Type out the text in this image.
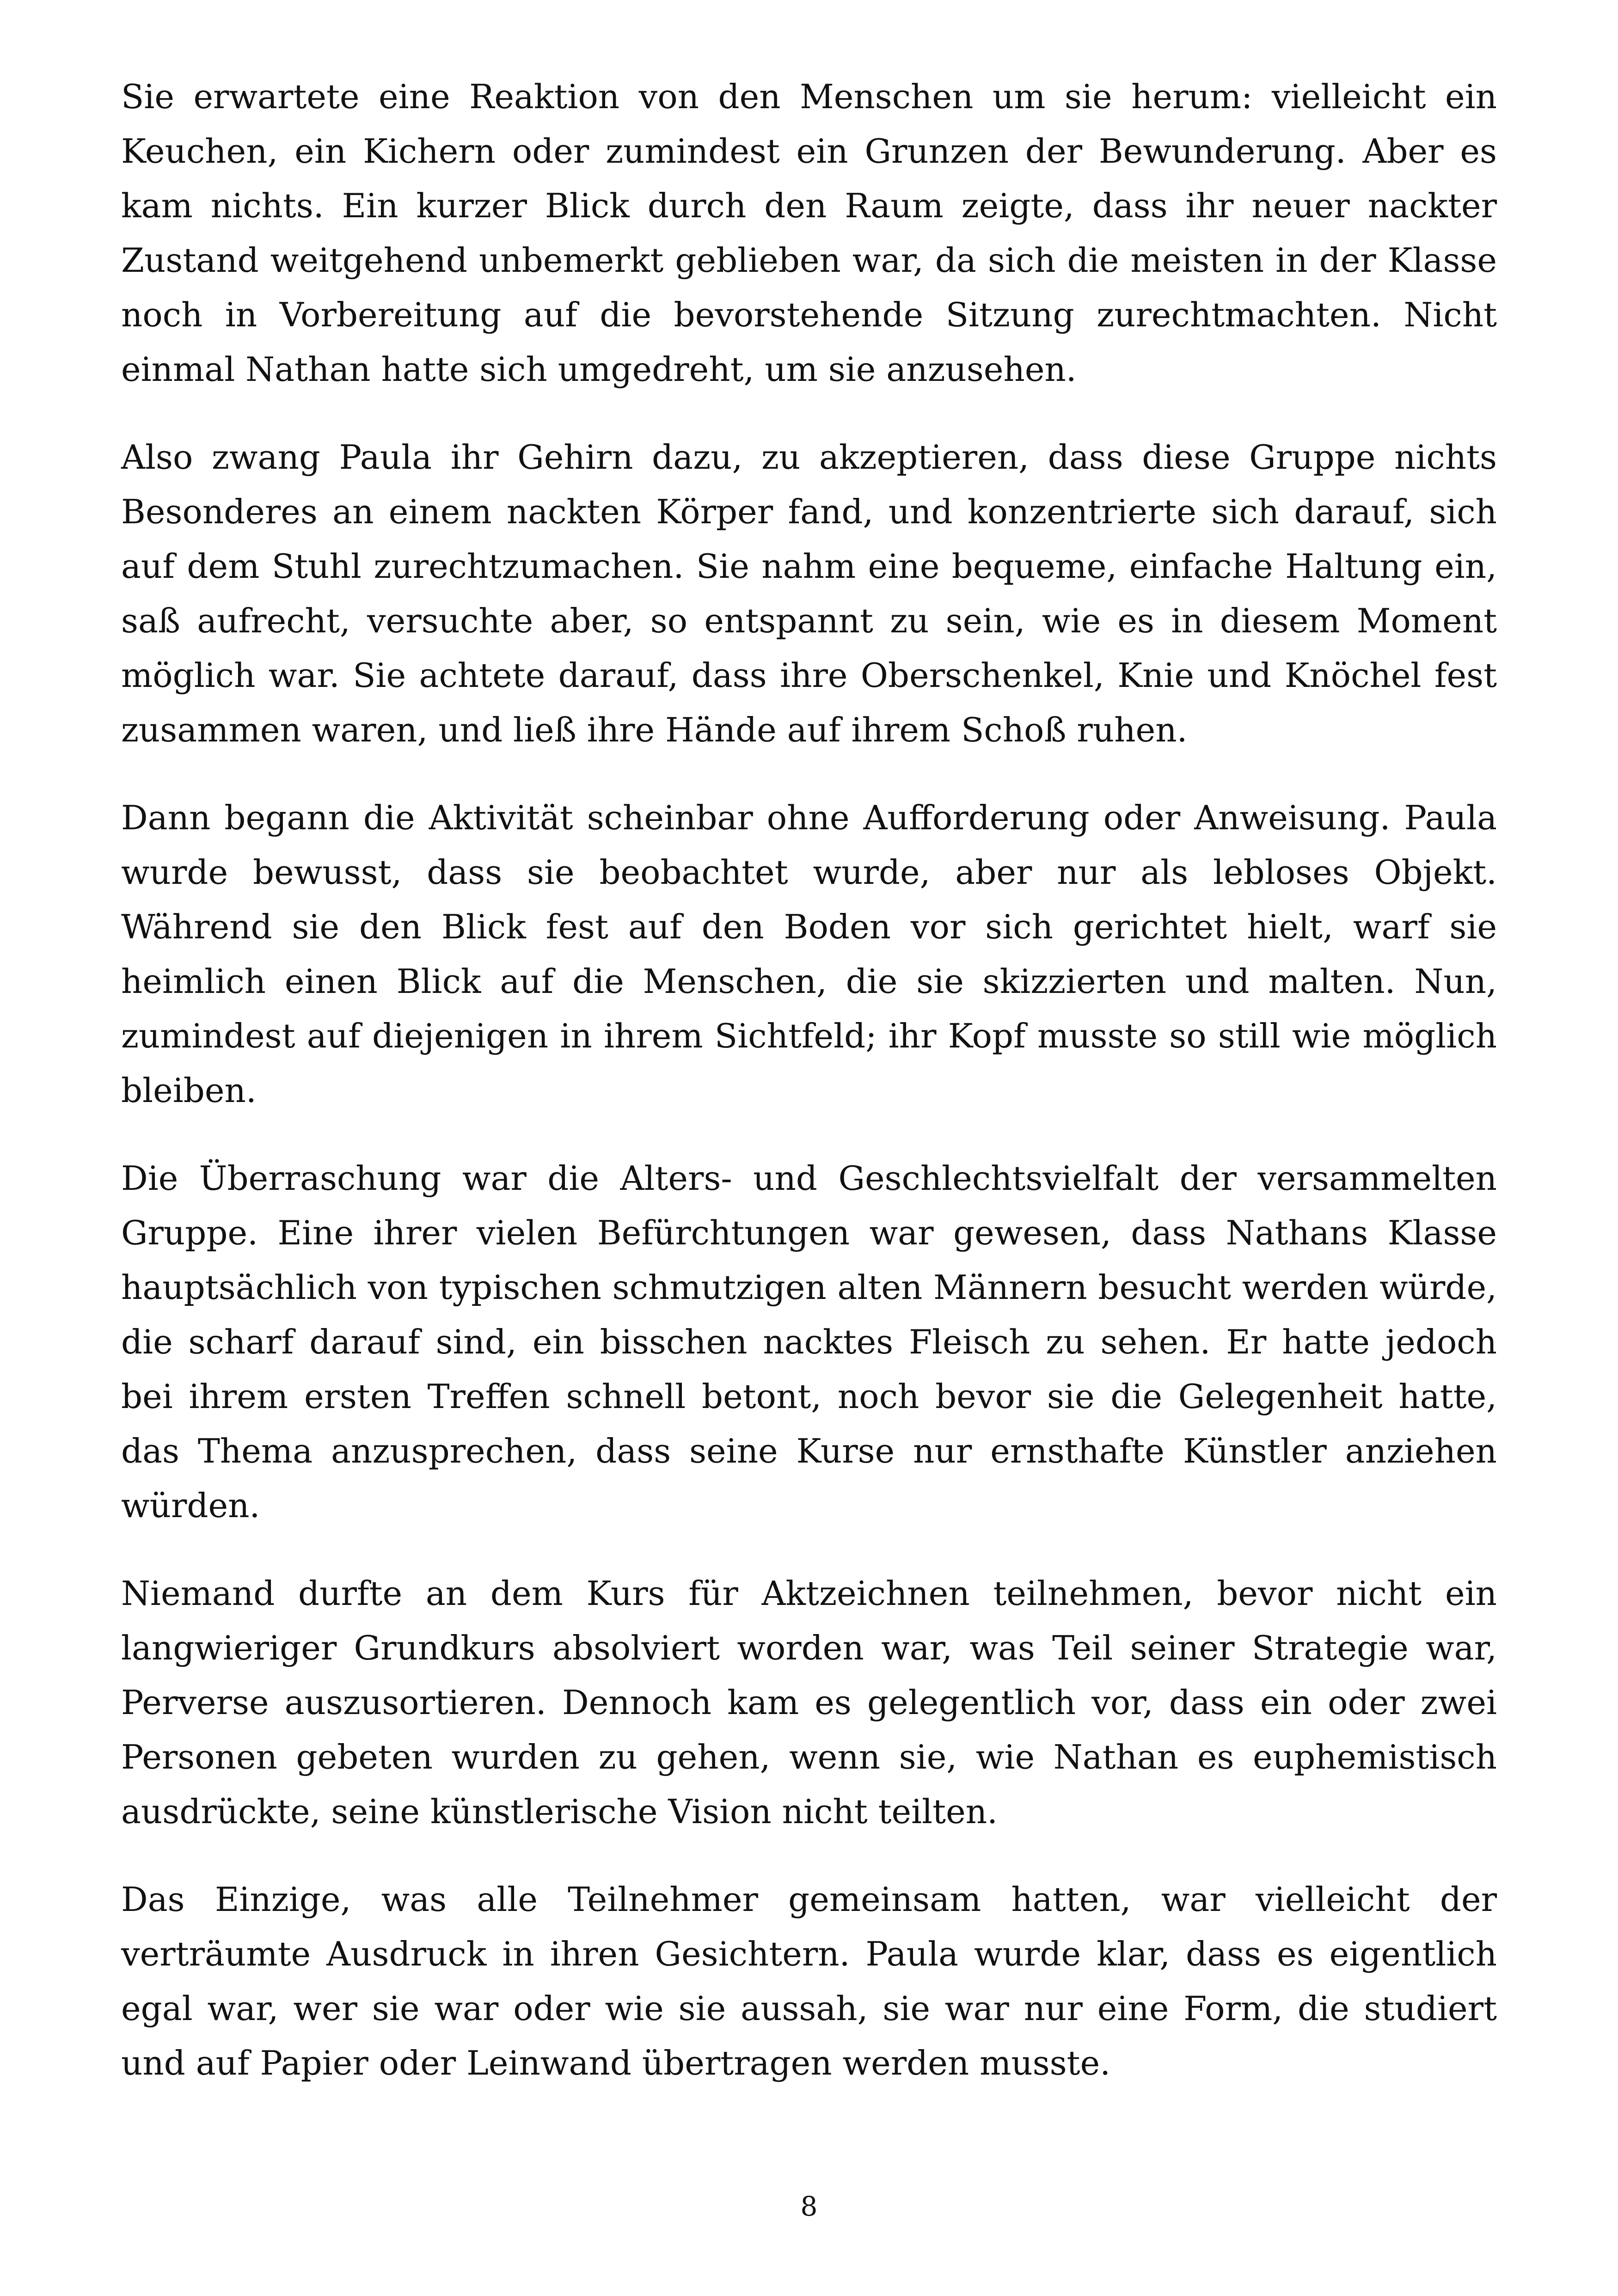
Sie erwartete eine Reaktion von den Menschen um sie herum: vielleicht ein Keuchen, ein Kichern oder zumindest ein Grunzen der Bewunderung. Aber es kam nichts. Ein kurzer Blick durch den Raum zeigte, dass ihr neuer nackter Zustand weitgehend unbemerkt geblieben war, da sich die meisten in der Klasse noch in Vorbereitung auf die bevorstehende Sitzung zurechtmachten. Nicht einmal Nathan hatte sich umgedreht, um sie anzusehen.

Also zwang Paula ihr Gehirn dazu, zu akzeptieren, dass diese Gruppe nichts Besonderes an einem nackten Körper fand, und konzentrierte sich darauf, sich auf dem Stuhl zurechtzumachen. Sie nahm eine bequeme, einfache Haltung ein, saß aufrecht, versuchte aber, so entspannt zu sein, wie es in diesem Moment möglich war. Sie achtete darauf, dass ihre Oberschenkel, Knie und Knöchel fest zusammen waren, und ließ ihre Hände auf ihrem Schoß ruhen.

Dann begann die Aktivität scheinbar ohne Aufforderung oder Anweisung. Paula wurde bewusst, dass sie beobachtet wurde, aber nur als lebloses Objekt. Während sie den Blick fest auf den Boden vor sich gerichtet hielt, warf sie heimlich einen Blick auf die Menschen, die sie skizzierten und malten. Nun, zumindest auf diejenigen in ihrem Sichtfeld; ihr Kopf musste so still wie möglich bleiben.

Die Überraschung war die Alters- und Geschlechtsvielfalt der versammelten Gruppe. Eine ihrer vielen Befürchtungen war gewesen, dass Nathans Klasse hauptsächlich von typischen schmutzigen alten Männern besucht werden würde, die scharf darauf sind, ein bisschen nacktes Fleisch zu sehen. Er hatte jedoch bei ihrem ersten Treffen schnell betont, noch bevor sie die Gelegenheit hatte, das Thema anzusprechen, dass seine Kurse nur ernsthafte Künstler anziehen würden.

Niemand durfte an dem Kurs für Aktzeichnen teilnehmen, bevor nicht ein langwieriger Grundkurs absolviert worden war, was Teil seiner Strategie war, Perverse auszusortieren. Dennoch kam es gelegentlich vor, dass ein oder zwei Personen gebeten wurden zu gehen, wenn sie, wie Nathan es euphemistisch ausdrückte, seine künstlerische Vision nicht teilten.

Das Einzige, was alle Teilnehmer gemeinsam hatten, war vielleicht der verträumte Ausdruck in ihren Gesichtern. Paula wurde klar, dass es eigentlich egal war, wer sie war oder wie sie aussah, sie war nur eine Form, die studiert und auf Papier oder Leinwand übertragen werden musste.

8
